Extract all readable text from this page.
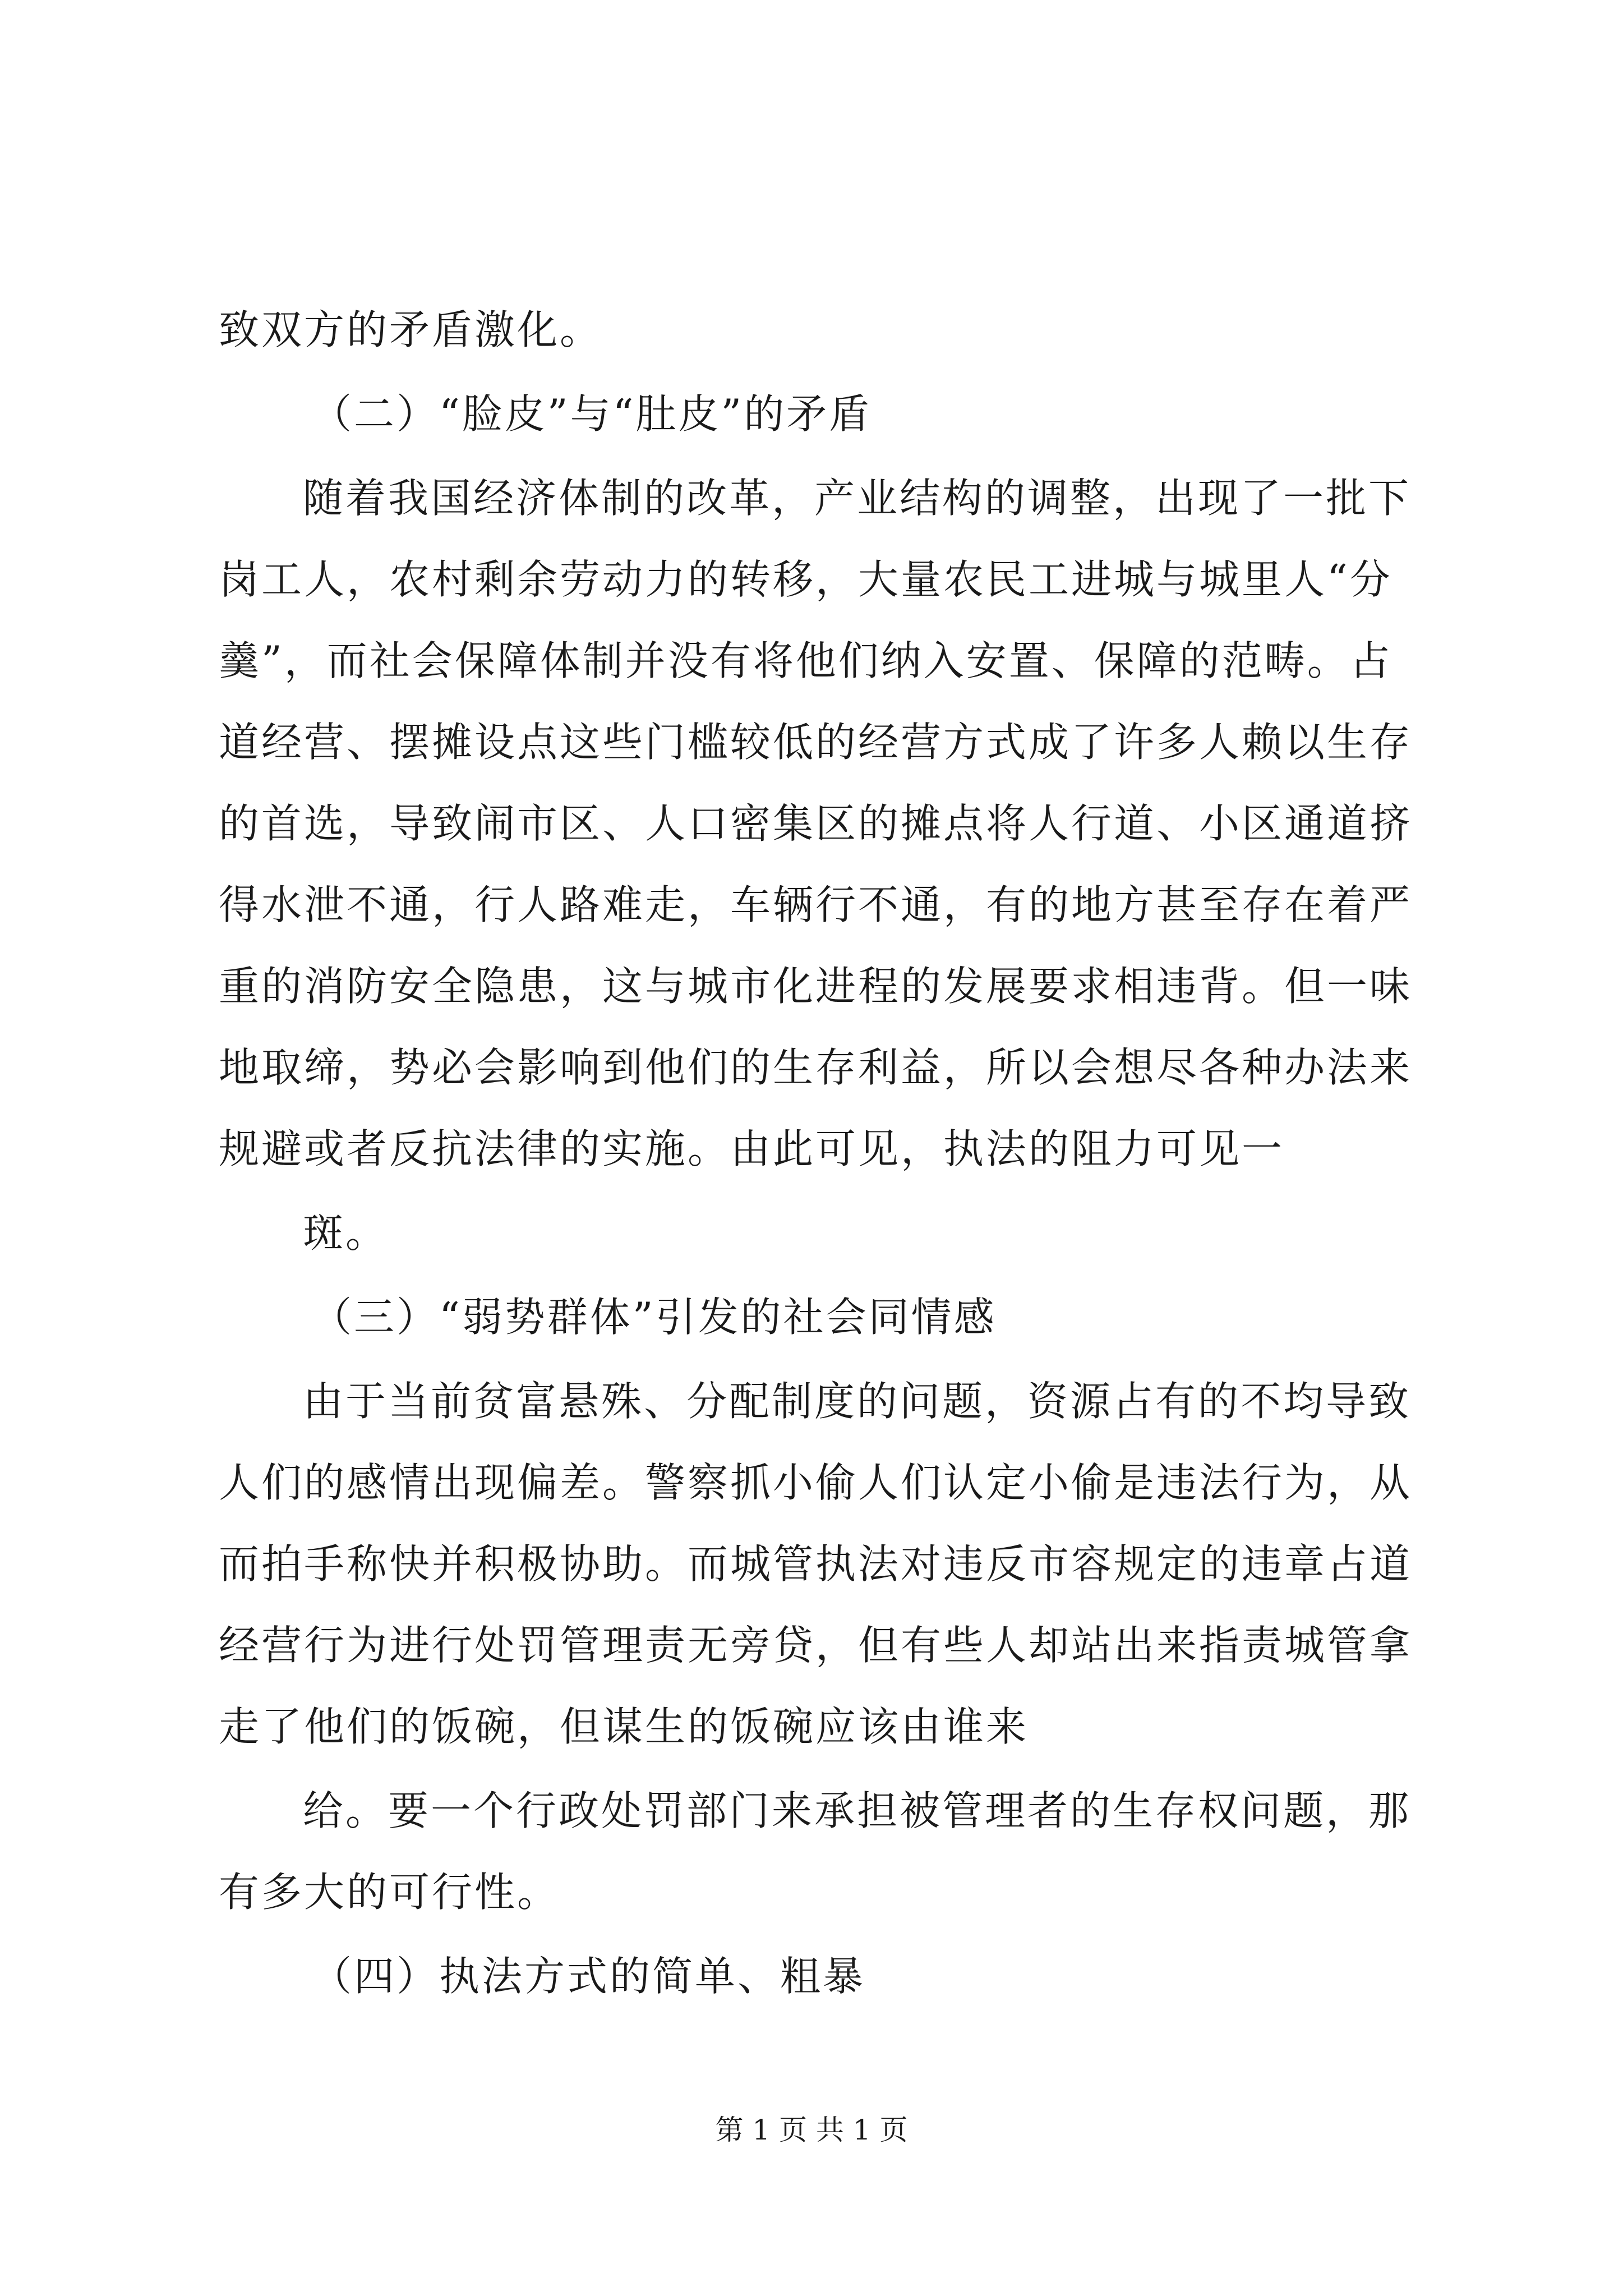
致双方的矛盾激化。
（二）“脸皮”与“肚皮”的矛盾
随着我国经济体制的改革，产业结构的调整，出现了一批下
岗工人，农村剩余劳动力的转移，大量农民工进城与城里人“分
羹”，而社会保障体制并没有将他们纳入安置、保障的范畴。占
道经营、摆摊设点这些门槛较低的经营方式成了许多人赖以生存
的首选，导致闹市区、人口密集区的摊点将人行道、小区通道挤
得水泄不通，行人路难走，车辆行不通，有的地方甚至存在着严
重的消防安全隐患，这与城市化进程的发展要求相违背。但一味
地取缔，势必会影响到他们的生存利益，所以会想尽各种办法来
规避或者反抗法律的实施。由此可见，执法的阻力可见一
斑。
（三）“弱势群体”引发的社会同情感
由于当前贫富悬殊、分配制度的问题，资源占有的不均导致
人们的感情出现偏差。警察抓小偷人们认定小偷是违法行为，从
而拍手称快并积极协助。而城管执法对违反市容规定的违章占道
经营行为进行处罚管理责无旁贷，但有些人却站出来指责城管拿
走了他们的饭碗，但谋生的饭碗应该由谁来
给。要一个行政处罚部门来承担被管理者的生存权问题，那
有多大的可行性。
（四）执法方式的简单、粗暴
第 1 页 共 1 页
